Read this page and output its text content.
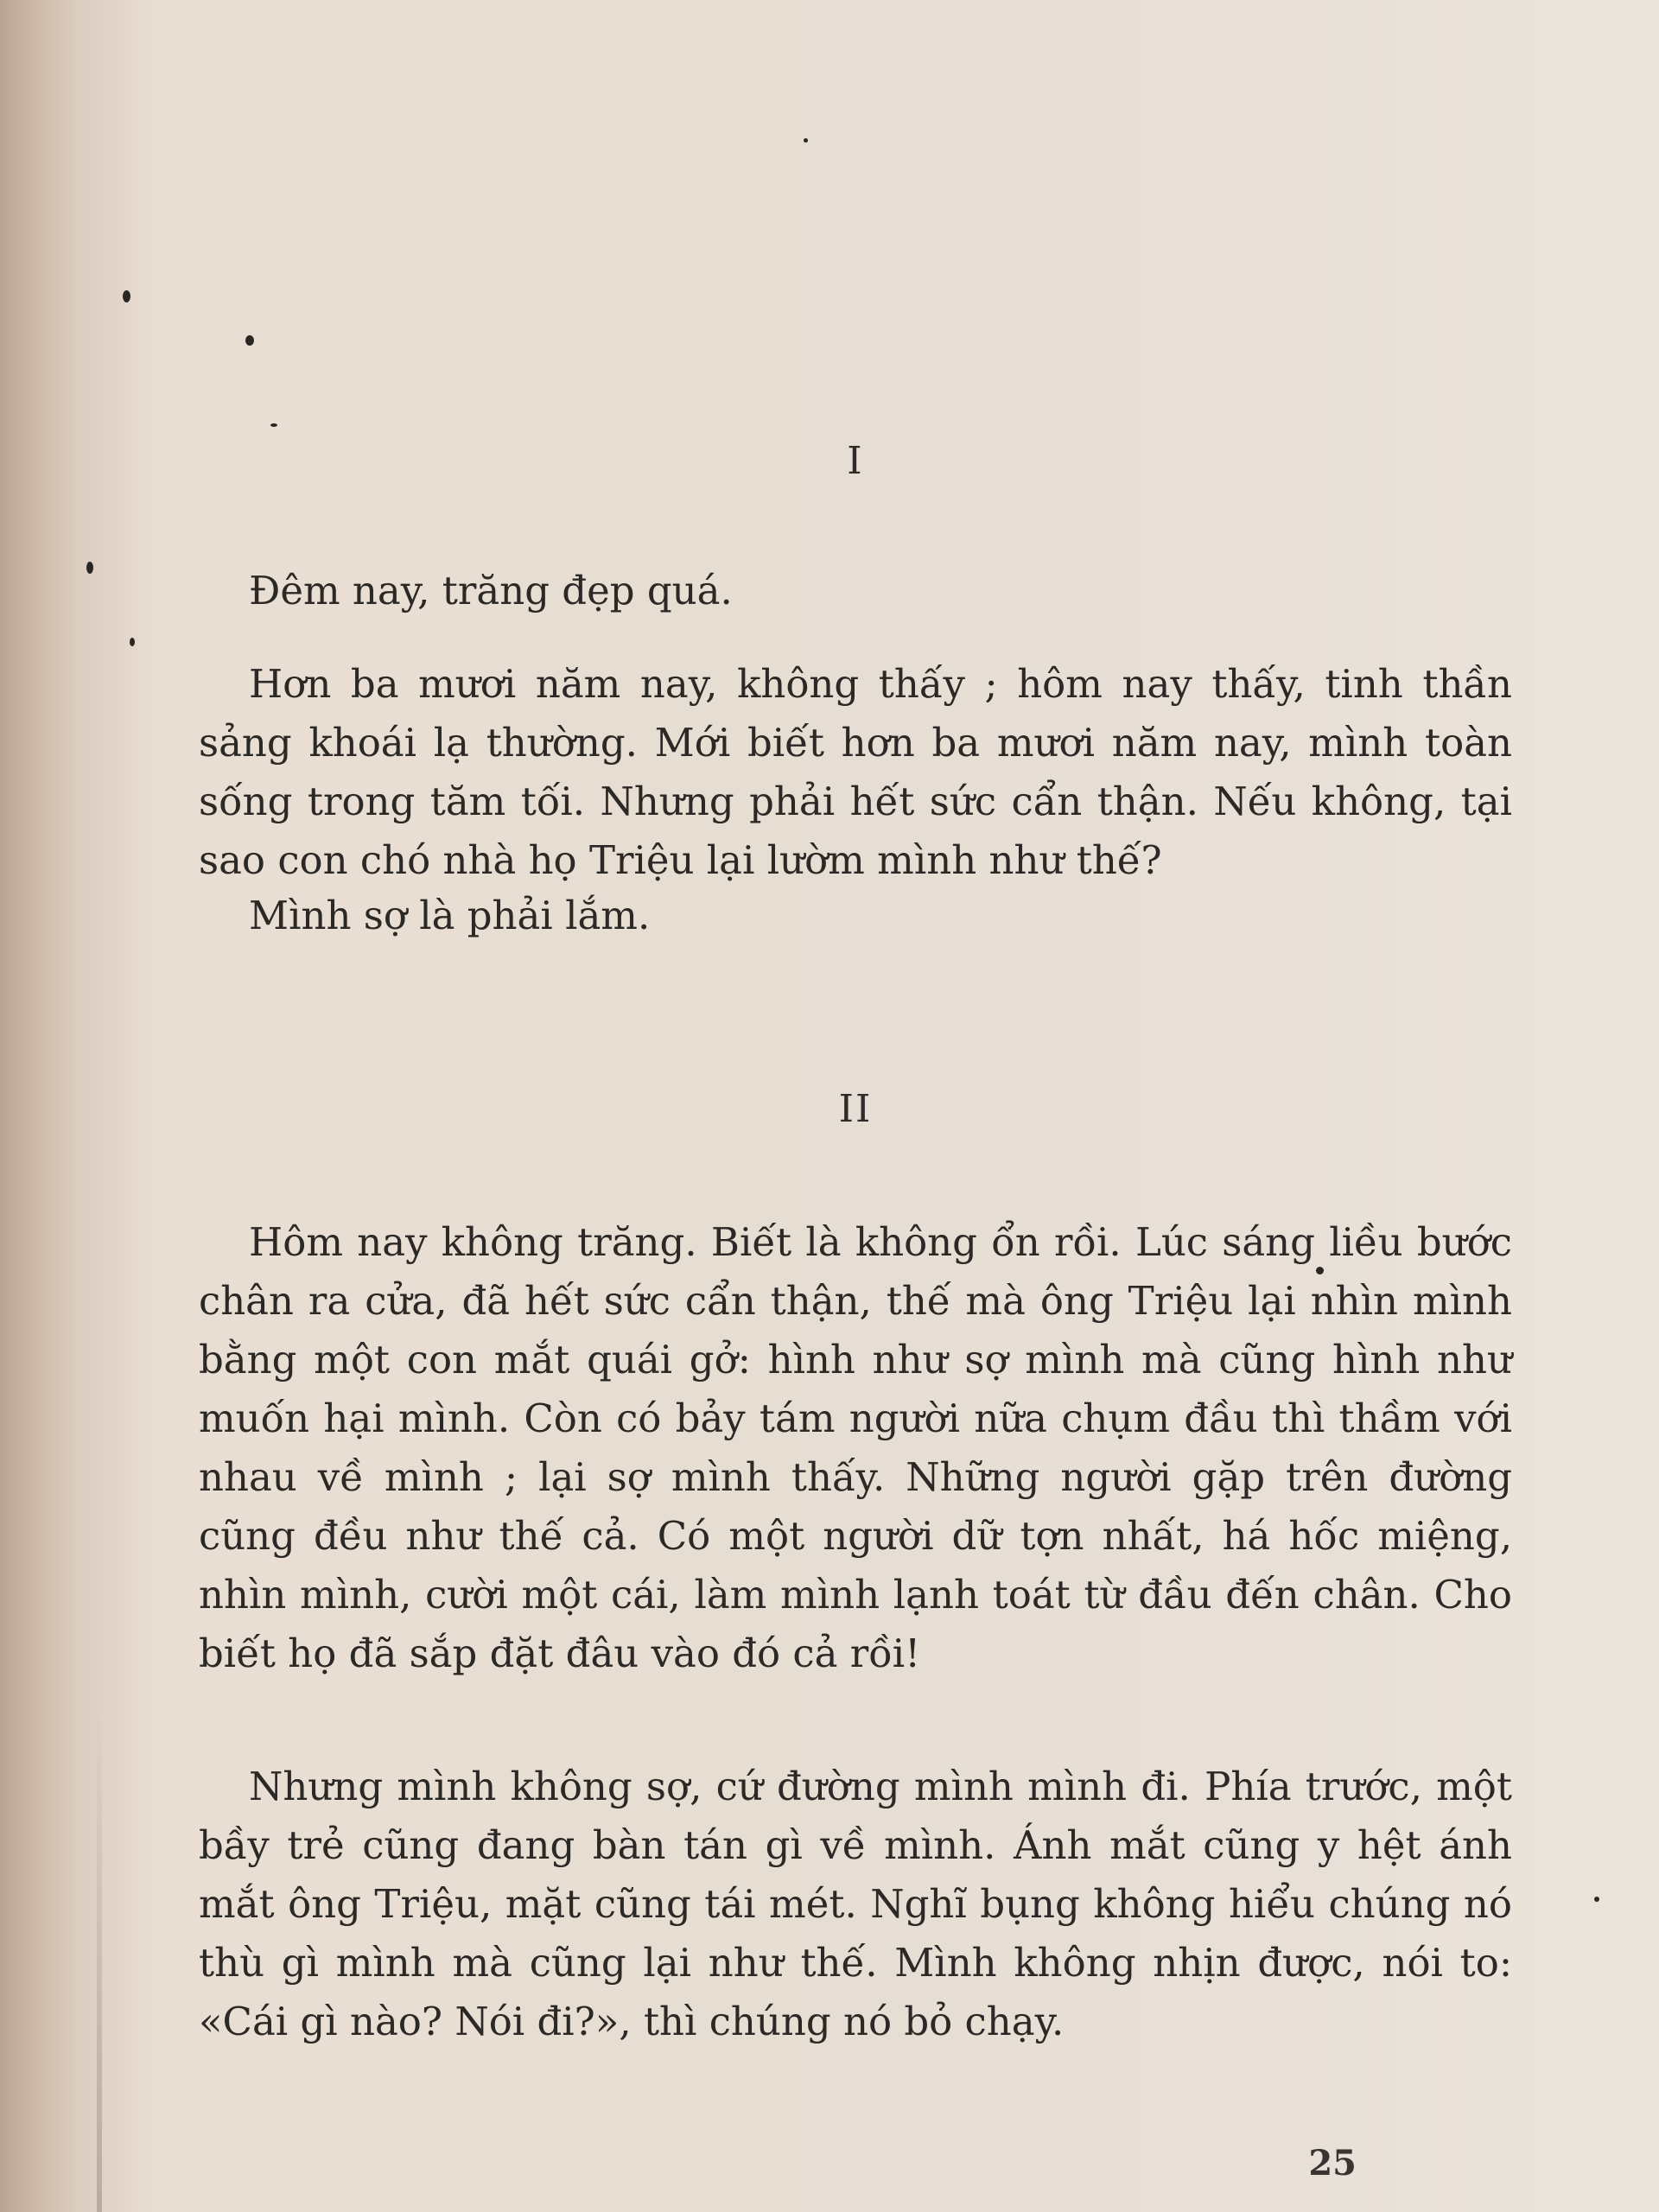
I

Đêm nay, trăng đẹp quá.

Hơn ba mươi năm nay, không thấy ; hôm nay thấy, tinh thần sảng khoái lạ thường. Mới biết hơn ba mươi năm nay, mình toàn sống trong tăm tối. Nhưng phải hết sức cẩn thận. Nếu không, tại sao con chó nhà họ Triệu lại lườm mình như thế?

Mình sợ là phải lắm.

II

Hôm nay không trăng. Biết là không ổn rồi. Lúc sáng liều bước chân ra cửa, đã hết sức cẩn thận, thế mà ông Triệu lại nhìn mình bằng một con mắt quái gở: hình như sợ mình mà cũng hình như muốn hại mình. Còn có bảy tám người nữa chụm đầu thì thầm với nhau về mình ; lại sợ mình thấy. Những người gặp trên đường cũng đều như thế cả. Có một người dữ tợn nhất, há hốc miệng, nhìn mình, cười một cái, làm mình lạnh toát từ đầu đến chân. Cho biết họ đã sắp đặt đâu vào đó cả rồi!

Nhưng mình không sợ, cứ đường mình mình đi. Phía trước, một bầy trẻ cũng đang bàn tán gì về mình. Ánh mắt cũng y hệt ánh mắt ông Triệu, mặt cũng tái mét. Nghĩ bụng không hiểu chúng nó thù gì mình mà cũng lại như thế. Mình không nhịn được, nói to: «Cái gì nào? Nói đi?», thì chúng nó bỏ chạy.

25
